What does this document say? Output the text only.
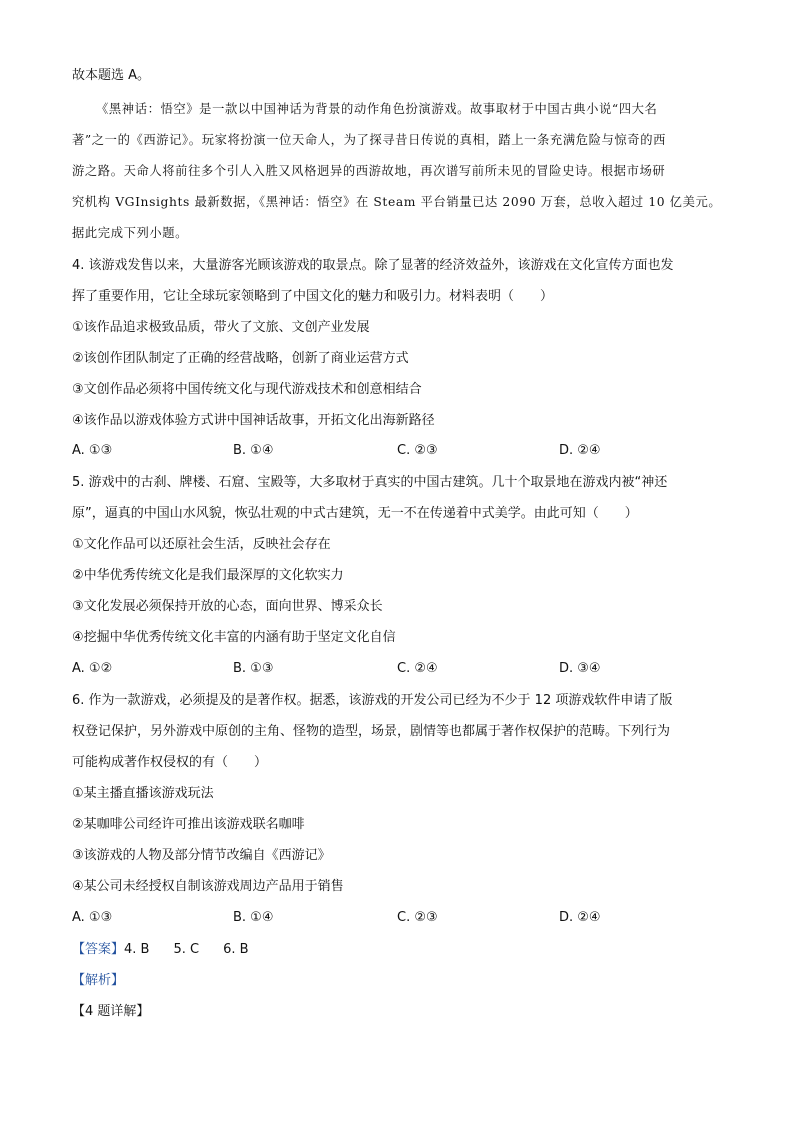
故本题选 A。
《黑神话：悟空》是一款以中国神话为背景的动作角色扮演游戏。故事取材于中国古典小说“四大名
著”之一的《西游记》。玩家将扮演一位天命人，为了探寻昔日传说的真相，踏上一条充满危险与惊奇的西
游之路。天命人将前往多个引人入胜又风格迥异的西游故地，再次谱写前所未见的冒险史诗。根据市场研
究机构 VGInsights 最新数据，《黑神话：悟空》在 Steam 平台销量已达 2090 万套，总收入超过 10 亿美元。
据此完成下列小题。
4. 该游戏发售以来，大量游客光顾该游戏的取景点。除了显著的经济效益外，该游戏在文化宣传方面也发
挥了重要作用，它让全球玩家领略到了中国文化的魅力和吸引力。材料表明（　　）
①该作品追求极致品质，带火了文旅、文创产业发展
②该创作团队制定了正确的经营战略，创新了商业运营方式
③文创作品必须将中国传统文化与现代游戏技术和创意相结合
④该作品以游戏体验方式讲中国神话故事，开拓文化出海新路径
A. ①③	B. ①④	C. ②③	D. ②④
5. 游戏中的古刹、牌楼、石窟、宝殿等，大多取材于真实的中国古建筑。几十个取景地在游戏内被“神还
原”，逼真的中国山水风貌，恢弘壮观的中式古建筑，无一不在传递着中式美学。由此可知（　　）
①文化作品可以还原社会生活，反映社会存在
②中华优秀传统文化是我们最深厚的文化软实力
③文化发展必须保持开放的心态，面向世界、博采众长
④挖掘中华优秀传统文化丰富的内涵有助于坚定文化自信
A. ①②	B. ①③	C. ②④	D. ③④
6. 作为一款游戏，必须提及的是著作权。据悉，该游戏的开发公司已经为不少于 12 项游戏软件申请了版
权登记保护，另外游戏中原创的主角、怪物的造型，场景，剧情等也都属于著作权保护的范畴。下列行为
可能构成著作权侵权的有（　　）
①某主播直播该游戏玩法
②某咖啡公司经许可推出该游戏联名咖啡
③该游戏的人物及部分情节改编自《西游记》
④某公司未经授权自制该游戏周边产品用于销售
A. ①③	B. ①④	C. ②③	D. ②④
【答案】4. B 5. C 6. B
【解析】
【4 题详解】
